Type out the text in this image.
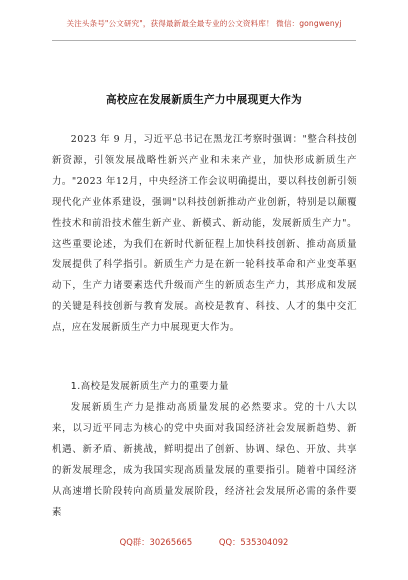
关注头条号"公文研究"，获得最新最全最专业的公文资料库！ 微信：gongwenyj
高校应在发展新质生产力中展现更大作为

2023 年 9 月，习近平总书记在黑龙江考察时强调："整合科技创新资源，引领发展战略性新兴产业和未来产业，加快形成新质生产力。"2023 年12月，中央经济工作会议明确提出，要以科技创新引领现代化产业体系建设，强调"以科技创新推动产业创新，特别是以颠覆性技术和前沿技术催生新产业、新模式、新动能，发展新质生产力"。这些重要论述，为我们在新时代新征程上加快科技创新、推动高质量发展提供了科学指引。新质生产力是在新一轮科技革命和产业变革驱动下，生产力诸要素迭代升级而产生的新质态生产力，其形成和发展的关键是科技创新与教育发展。高校是教育、科技、人才的集中交汇点，应在发展新质生产力中展现更大作为。

1.高校是发展新质生产力的重要力量

发展新质生产力是推动高质量发展的必然要求。党的十八大以来，以习近平同志为核心的党中央面对我国经济社会发展新趋势、新机遇、新矛盾、新挑战，鲜明提出了创新、协调、绿色、开放、共享的新发展理念，成为我国实现高质量发展的重要指引。随着中国经济从高速增长阶段转向高质量发展阶段，经济社会发展所必需的条件要素

QQ群：30265665	QQ：535304092
